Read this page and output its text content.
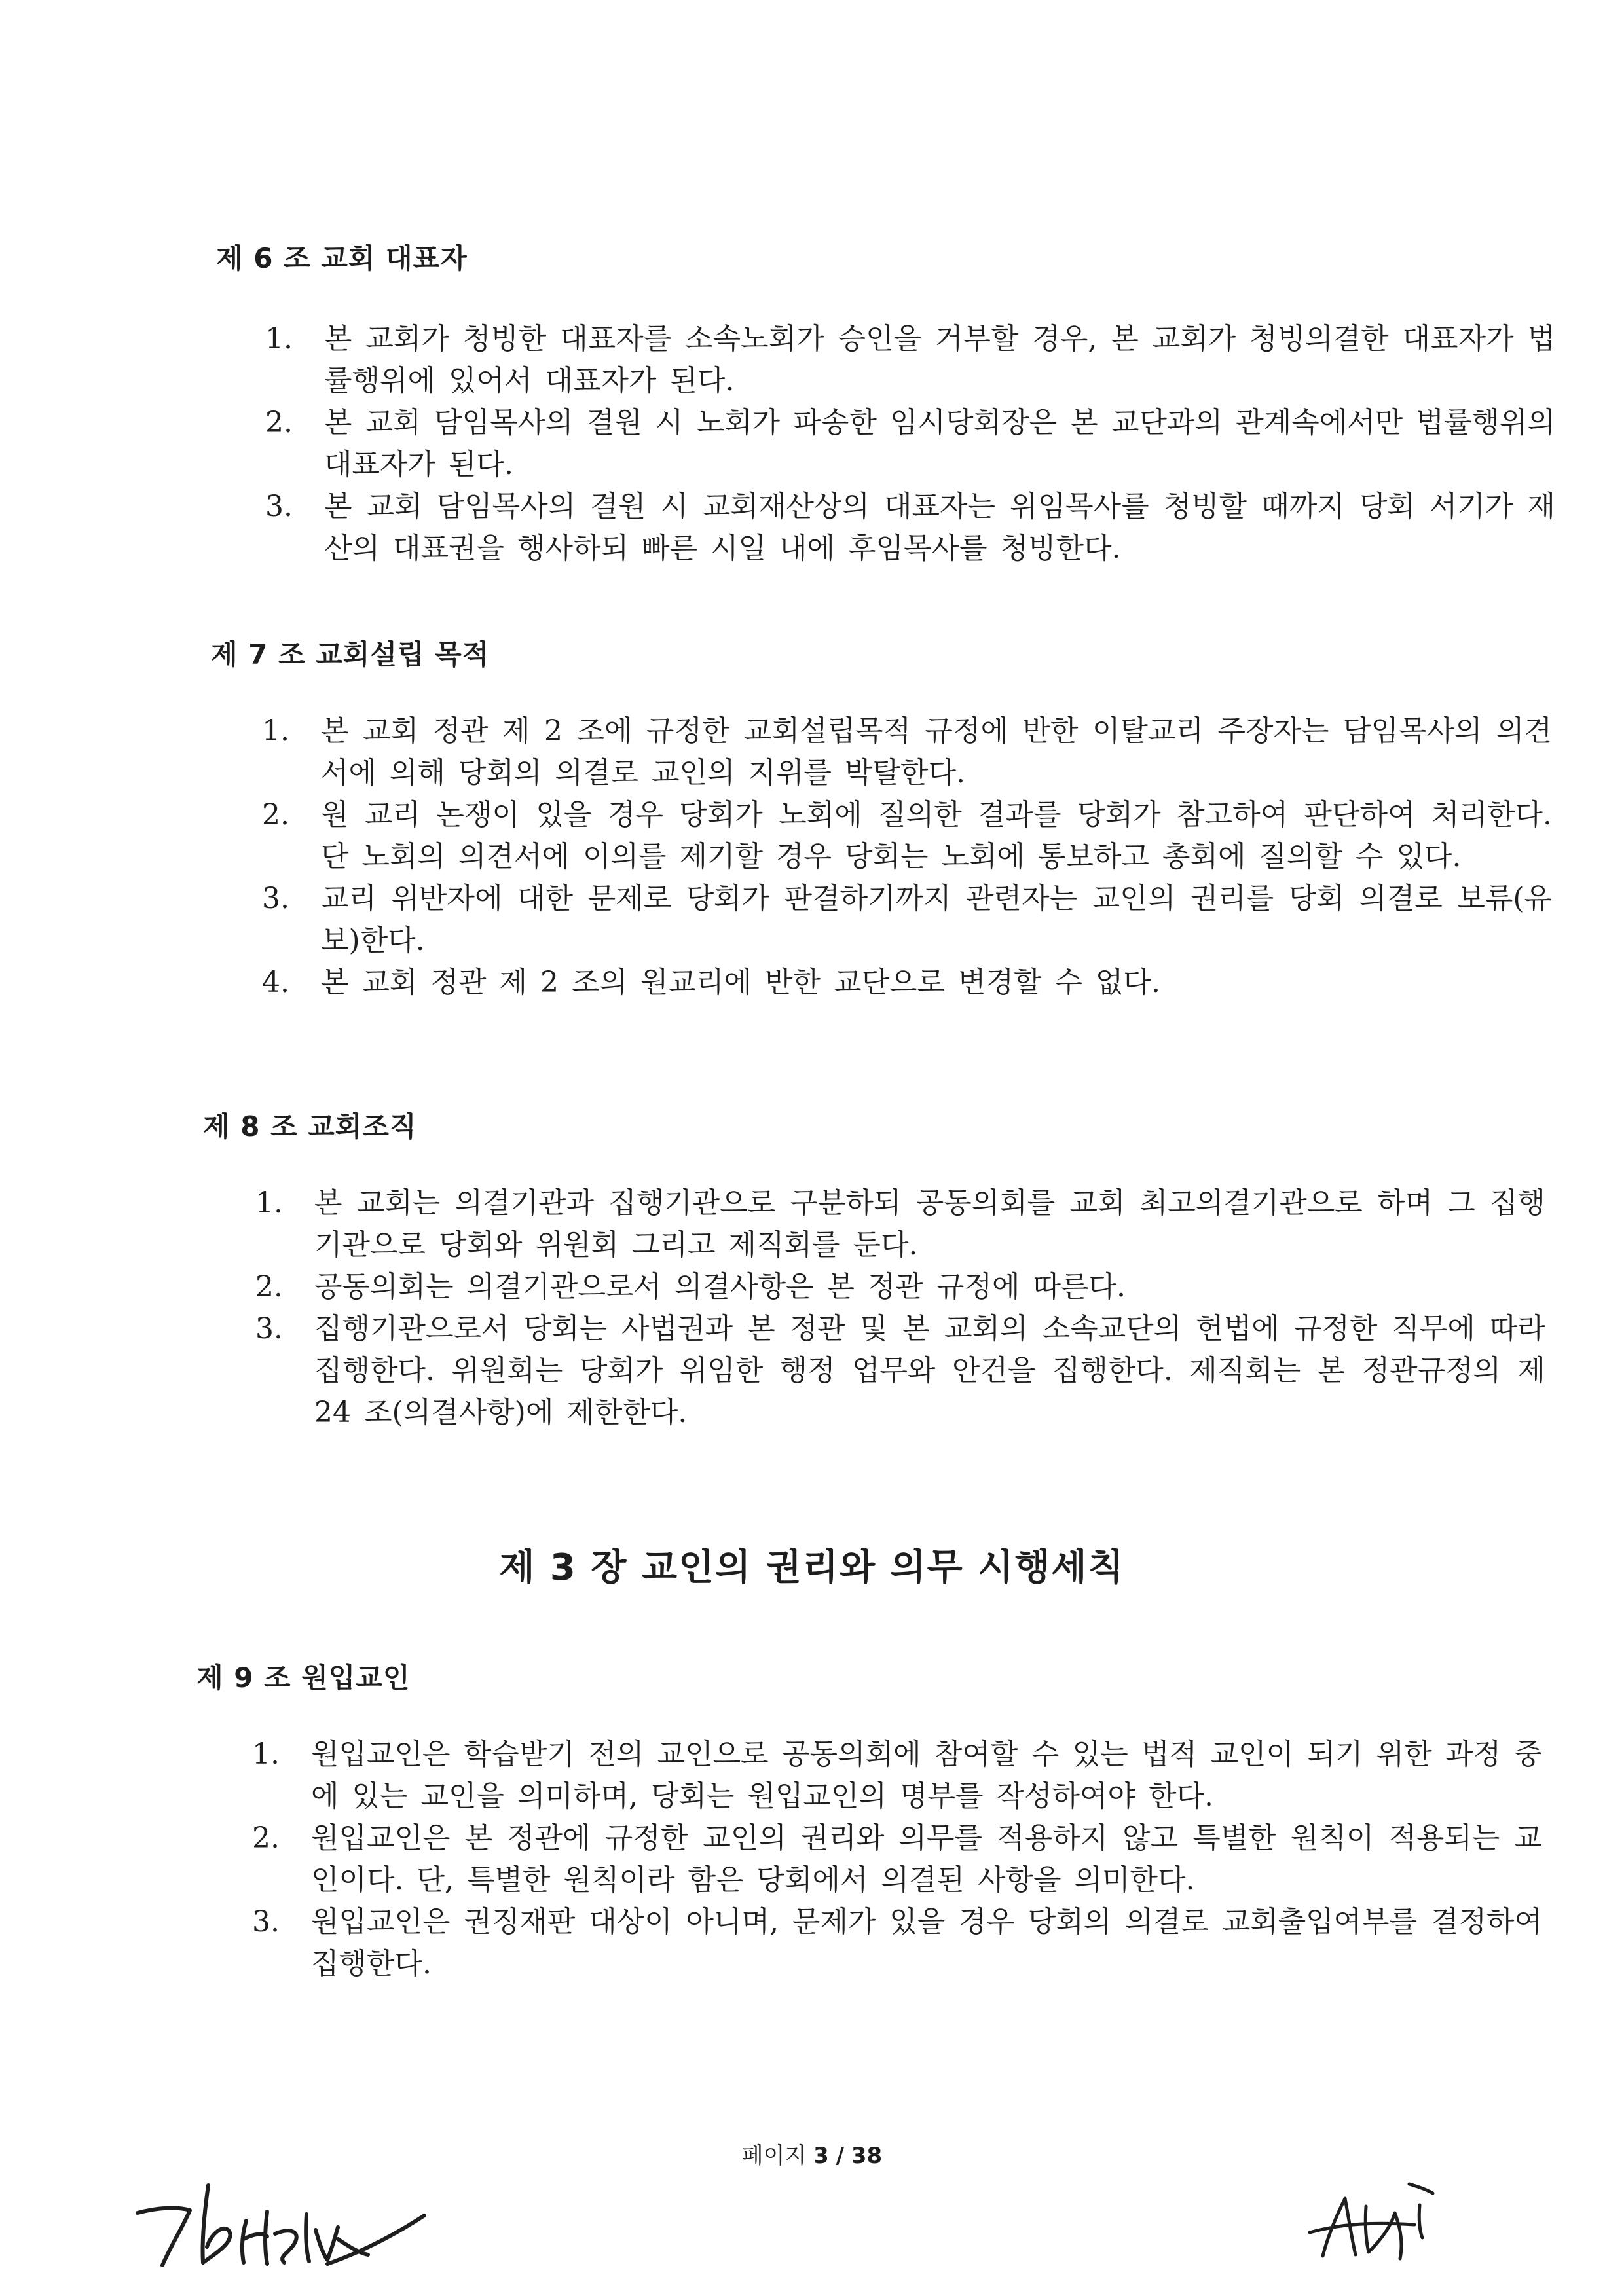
제 6 조 교회 대표자
1.	본 교회가 청빙한 대표자를 소속노회가 승인을 거부할 경우, 본 교회가 청빙의결한 대표자가 법률행위에 있어서 대표자가 된다.
2.	본 교회 담임목사의 결원 시 노회가 파송한 임시당회장은 본 교단과의 관계속에서만 법률행위의 대표자가 된다.
3.	본 교회 담임목사의 결원 시 교회재산상의 대표자는 위임목사를 청빙할 때까지 당회 서기가 재산의 대표권을 행사하되 빠른 시일 내에 후임목사를 청빙한다.
제 7 조 교회설립 목적
1.	본 교회 정관 제 2 조에 규정한 교회설립목적 규정에 반한 이탈교리 주장자는 담임목사의 의견서에 의해 당회의 의결로 교인의 지위를 박탈한다.
2.	원 교리 논쟁이 있을 경우 당회가 노회에 질의한 결과를 당회가 참고하여 판단하여 처리한다. 단 노회의 의견서에 이의를 제기할 경우 당회는 노회에 통보하고 총회에 질의할 수 있다.
3.	교리 위반자에 대한 문제로 당회가 판결하기까지 관련자는 교인의 권리를 당회 의결로 보류(유보)한다.
4.	본 교회 정관 제 2 조의 원교리에 반한 교단으로 변경할 수 없다.
제 8 조 교회조직
1.	본 교회는 의결기관과 집행기관으로 구분하되 공동의회를 교회 최고의결기관으로 하며 그 집행기관으로 당회와 위원회 그리고 제직회를 둔다.
2.	공동의회는 의결기관으로서 의결사항은 본 정관 규정에 따른다.
3.	집행기관으로서 당회는 사법권과 본 정관 및 본 교회의 소속교단의 헌법에 규정한 직무에 따라 집행한다. 위원회는 당회가 위임한 행정 업무와 안건을 집행한다. 제직회는 본 정관규정의 제 24 조(의결사항)에 제한한다.
제 3 장 교인의 권리와 의무 시행세칙
제 9 조 원입교인
1.	원입교인은 학습받기 전의 교인으로 공동의회에 참여할 수 있는 법적 교인이 되기 위한 과정 중에 있는 교인을 의미하며, 당회는 원입교인의 명부를 작성하여야 한다.
2.	원입교인은 본 정관에 규정한 교인의 권리와 의무를 적용하지 않고 특별한 원칙이 적용되는 교인이다. 단, 특별한 원칙이라 함은 당회에서 의결된 사항을 의미한다.
3.	원입교인은 권징재판 대상이 아니며, 문제가 있을 경우 당회의 의결로 교회출입여부를 결정하여 집행한다.
페이지 3 / 38
